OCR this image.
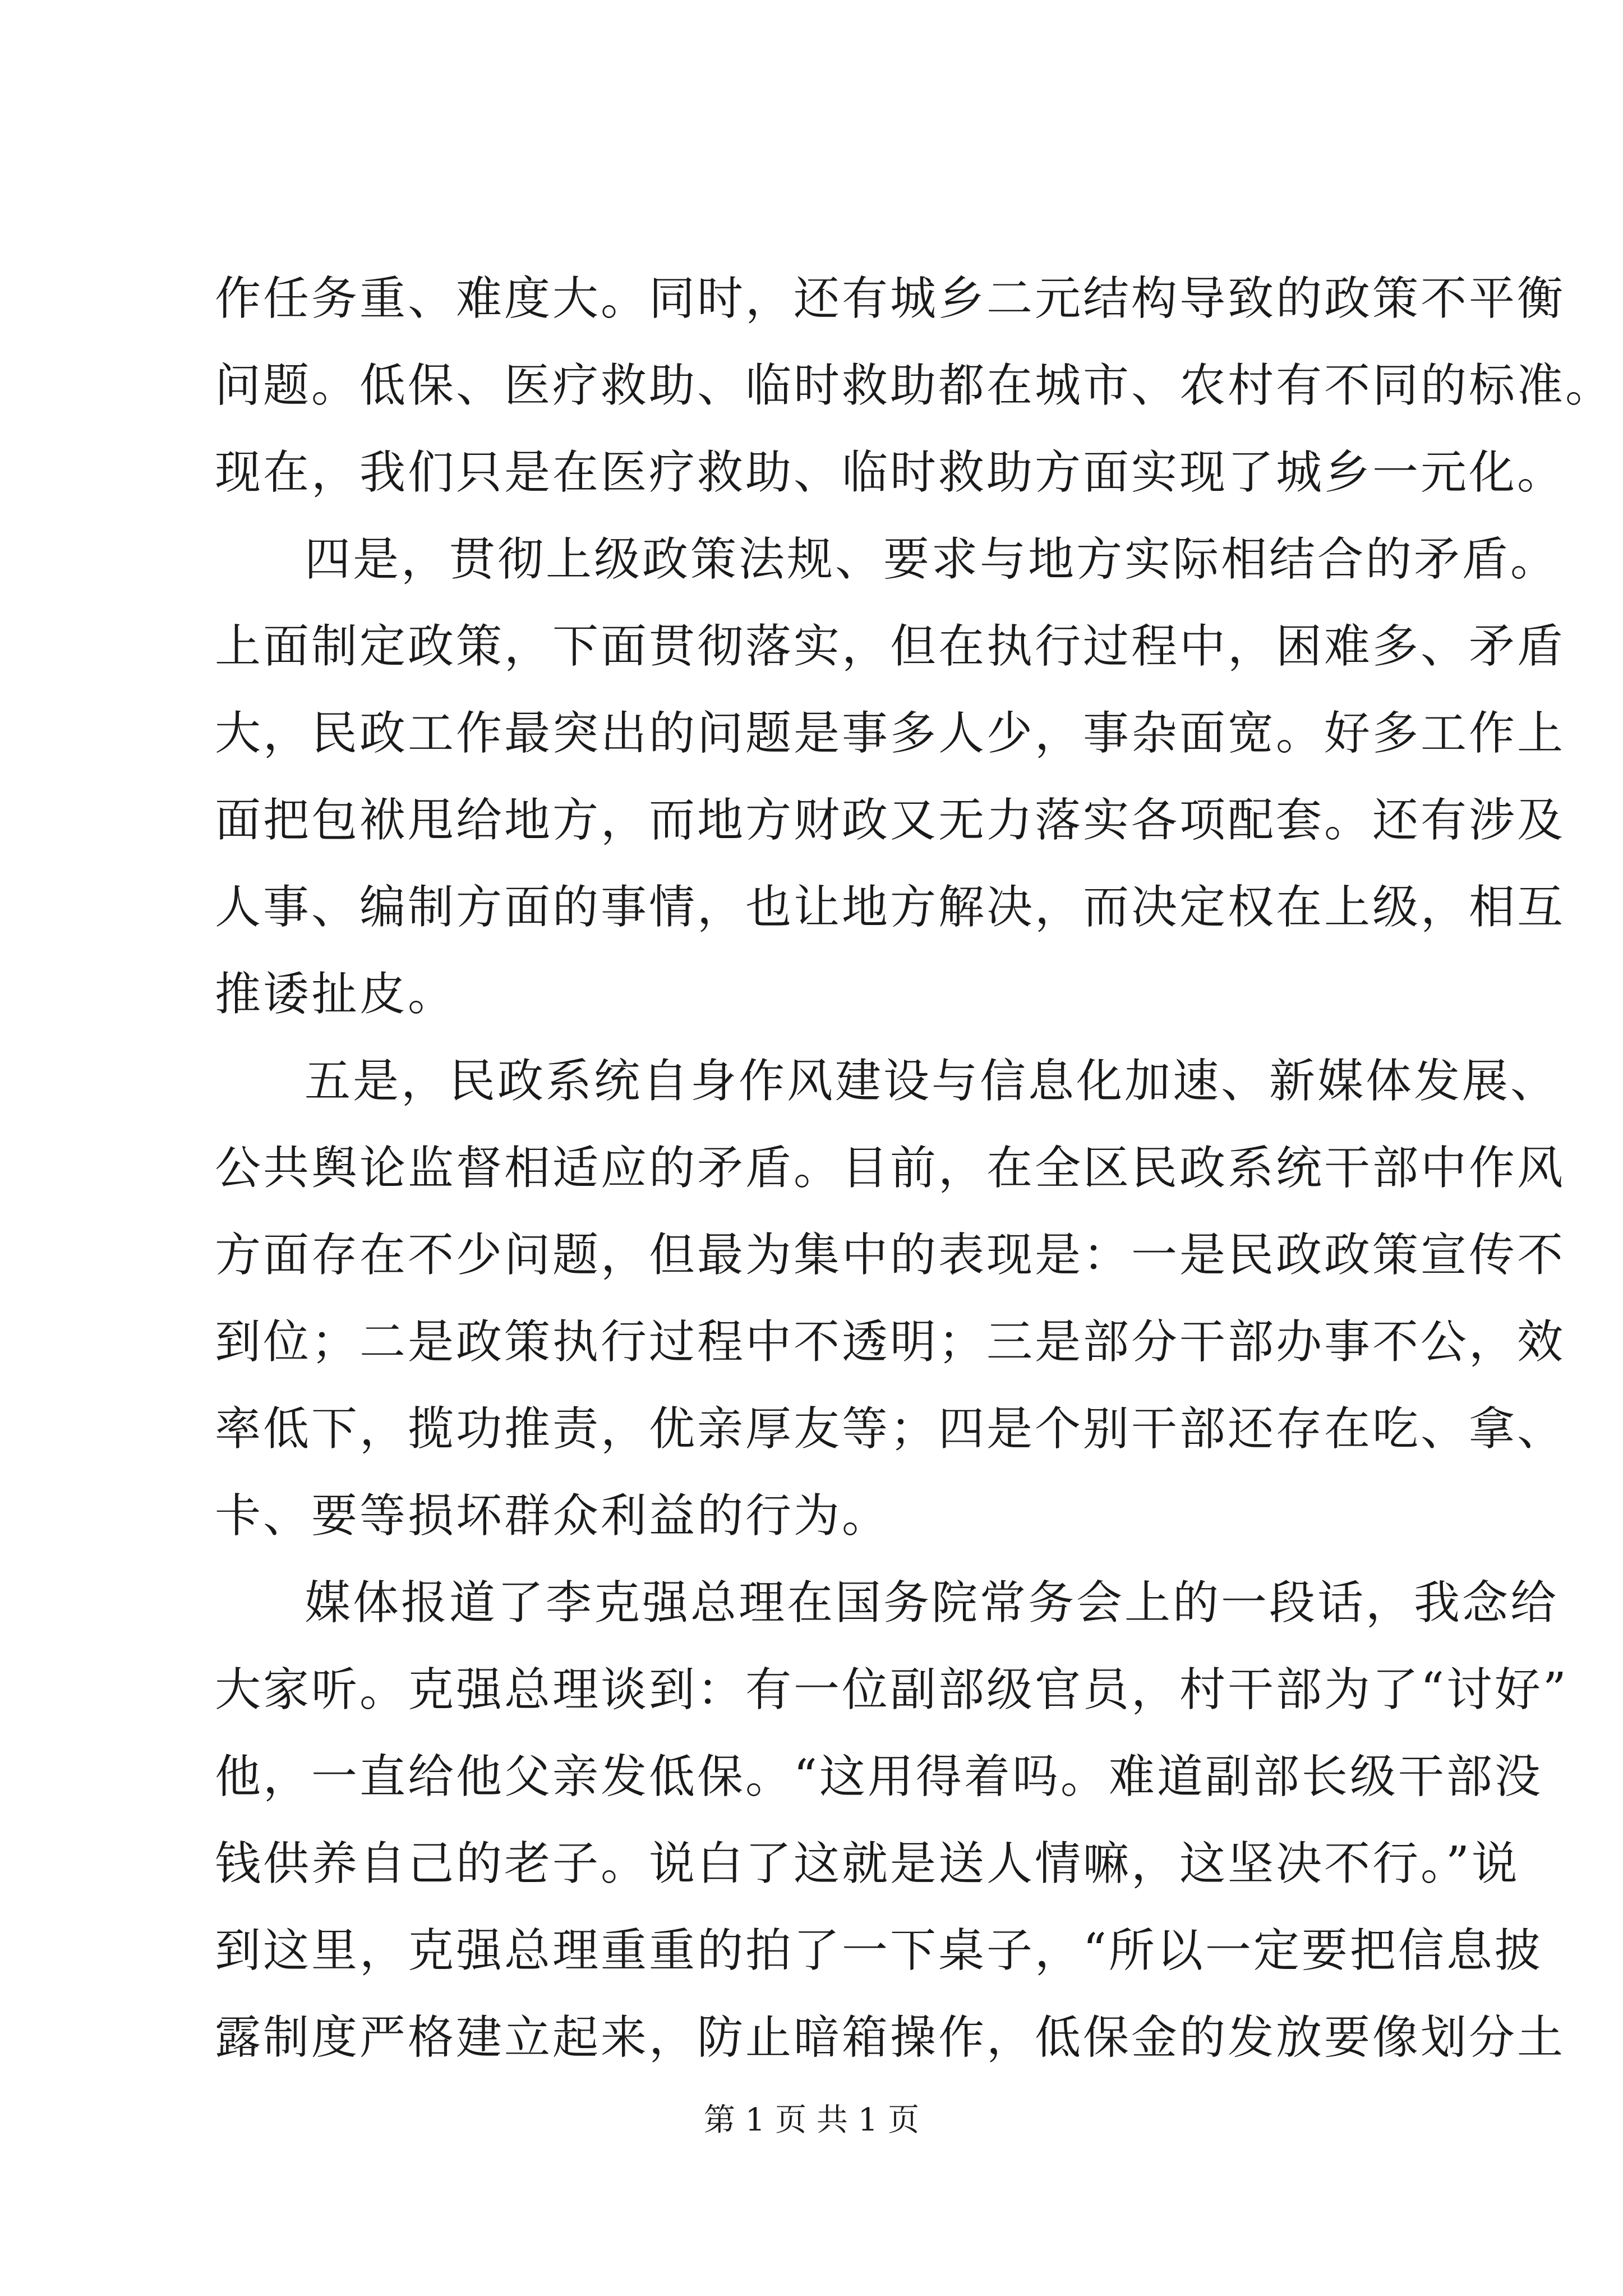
作任务重、难度大。同时，还有城乡二元结构导致的政策不平衡
问题。低保、医疗救助、临时救助都在城市、农村有不同的标准。
现在，我们只是在医疗救助、临时救助方面实现了城乡一元化。
四是，贯彻上级政策法规、要求与地方实际相结合的矛盾。
上面制定政策，下面贯彻落实，但在执行过程中，困难多、矛盾
大，民政工作最突出的问题是事多人少，事杂面宽。好多工作上
面把包袱甩给地方，而地方财政又无力落实各项配套。还有涉及
人事、编制方面的事情，也让地方解决，而决定权在上级，相互
推诿扯皮。
五是，民政系统自身作风建设与信息化加速、新媒体发展、
公共舆论监督相适应的矛盾。目前，在全区民政系统干部中作风
方面存在不少问题，但最为集中的表现是：一是民政政策宣传不
到位；二是政策执行过程中不透明；三是部分干部办事不公，效
率低下，揽功推责，优亲厚友等；四是个别干部还存在吃、拿、
卡、要等损坏群众利益的行为。
媒体报道了李克强总理在国务院常务会上的一段话，我念给
大家听。克强总理谈到：有一位副部级官员，村干部为了“讨好”
他，一直给他父亲发低保。“这用得着吗。难道副部长级干部没
钱供养自己的老子。说白了这就是送人情嘛，这坚决不行。”说
到这里，克强总理重重的拍了一下桌子，“所以一定要把信息披
露制度严格建立起来，防止暗箱操作，低保金的发放要像划分土
第 1 页 共 1 页
